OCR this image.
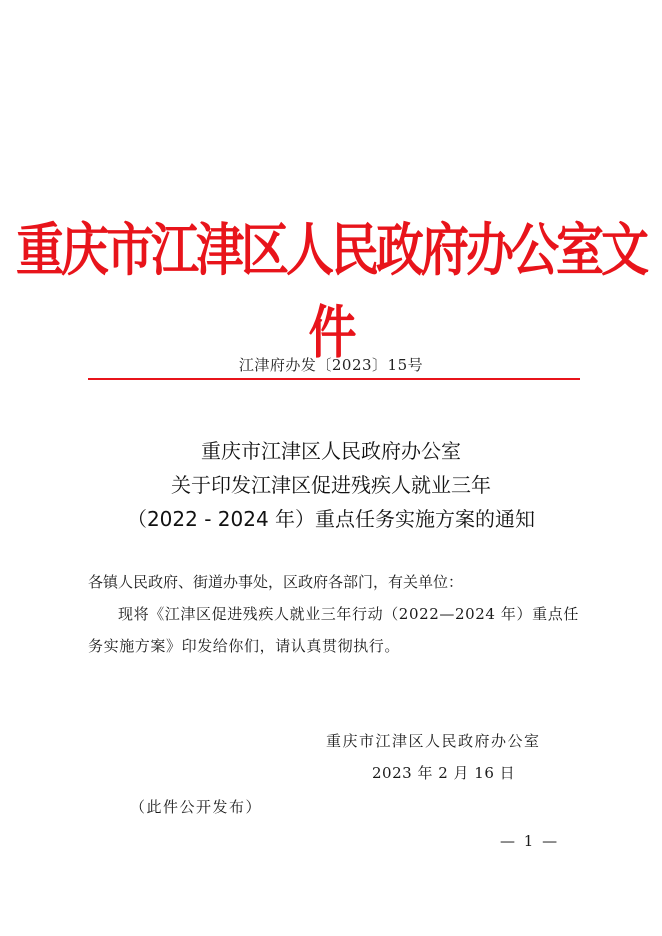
重庆市江津区人民政府办公室文件
江津府办发〔2023〕15号
重庆市江津区人民政府办公室
关于印发江津区促进残疾人就业三年
（2022 - 2024 年）重点任务实施方案的通知
各镇人民政府、街道办事处，区政府各部门，有关单位：
现将《江津区促进残疾人就业三年行动（2022—2024 年）重点任务实施方案》印发给你们，请认真贯彻执行。
重庆市江津区人民政府办公室
2023 年 2 月 16 日
（此件公开发布）
— 1 —
